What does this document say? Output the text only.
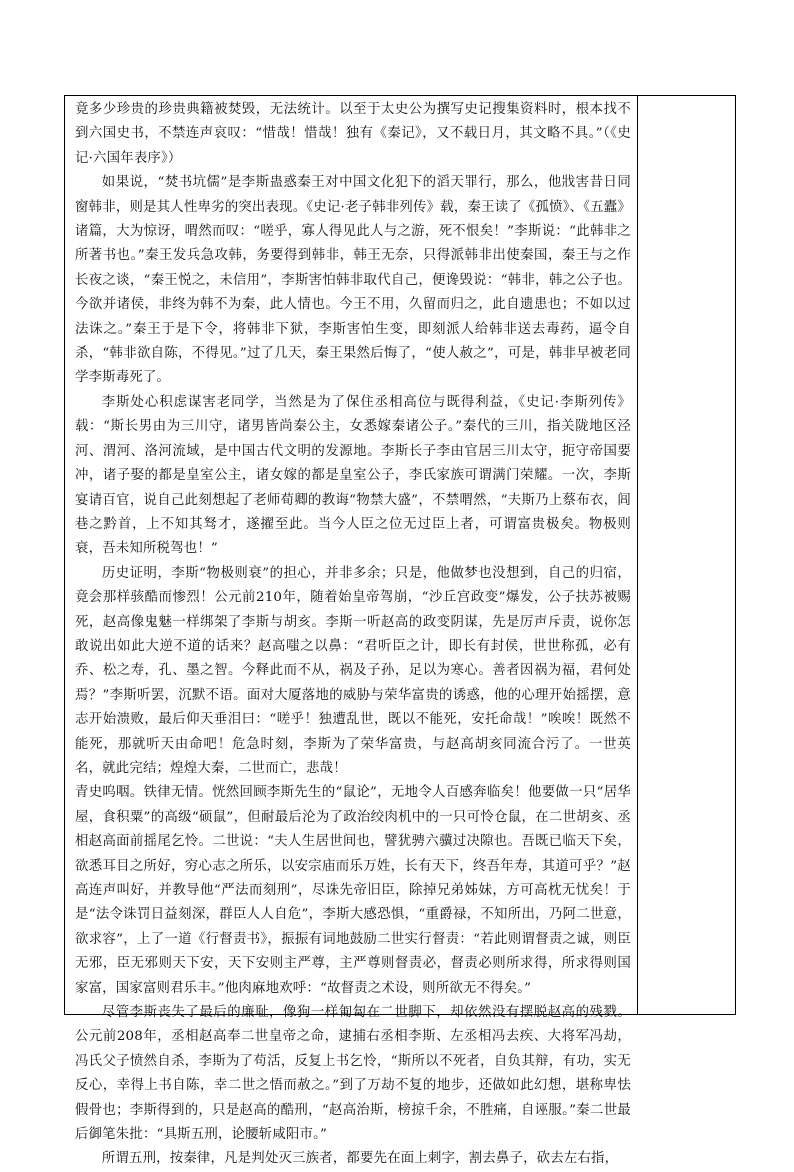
竟多少珍贵的珍贵典籍被焚毁，无法统计。以至于太史公为撰写史记搜集资料时，根本找不到六国史书，不禁连声哀叹：“惜哉！惜哉！独有《秦记》，又不载日月，其文略不具。”（《史记·六国年表序》）

如果说，“焚书坑儒”是李斯蛊惑秦王对中国文化犯下的滔天罪行，那么，他戕害昔日同窗韩非，则是其人性卑劣的突出表现。《史记·老子韩非列传》载，秦王读了《孤愤》、《五蠹》诸篇，大为惊讶，喟然而叹：“嗟乎，寡人得见此人与之游，死不恨矣！”李斯说：“此韩非之所著书也。”秦王发兵急攻韩，务要得到韩非，韩王无奈，只得派韩非出使秦国，秦王与之作长夜之谈，“秦王悦之，未信用”，李斯害怕韩非取代自己，便谗毁说：“韩非，韩之公子也。今欲并诸侯，非终为韩不为秦，此人情也。今王不用，久留而归之，此自遗患也；不如以过法诛之。”秦王于是下令，将韩非下狱，李斯害怕生变，即刻派人给韩非送去毒药，逼令自杀，“韩非欲自陈，不得见。”过了几天，秦王果然后悔了，“使人赦之”，可是，韩非早被老同学李斯毒死了。

李斯处心积虑谋害老同学，当然是为了保住丞相高位与既得利益，《史记·李斯列传》载：“斯长男由为三川守，诸男皆尚秦公主，女悉嫁秦诸公子。”秦代的三川，指关陇地区泾河、渭河、洛河流域，是中国古代文明的发源地。李斯长子李由官居三川太守，扼守帝国要冲，诸子娶的都是皇室公主，诸女嫁的都是皇室公子，李氏家族可谓满门荣耀。一次，李斯宴请百官，说自己此刻想起了老师荀卿的教诲“物禁大盛”，不禁喟然，“夫斯乃上蔡布衣，闾巷之黔首，上不知其驽才，遂擢至此。当今人臣之位无过臣上者，可谓富贵极矣。物极则衰，吾未知所税驾也！”

历史证明，李斯“物极则衰”的担心，并非多余；只是，他做梦也没想到，自己的归宿，竟会那样骇酷而惨烈！公元前210年，随着始皇帝驾崩，“沙丘宫政变”爆发，公子扶苏被赐死，赵高像鬼魅一样绑架了李斯与胡亥。李斯一听赵高的政变阴谋，先是厉声斥责，说你怎敢说出如此大逆不道的话来？赵高嗤之以鼻：“君听臣之计，即长有封侯，世世称孤，必有乔、松之寿，孔、墨之智。今释此而不从，祸及子孙，足以为寒心。善者因祸为福，君何处焉？”李斯听罢，沉默不语。面对大厦落地的威胁与荣华富贵的诱惑，他的心理开始摇摆，意志开始溃败，最后仰天垂泪曰：“嗟乎！独遭乱世，既以不能死，安托命哉！”唉唉！既然不能死，那就听天由命吧！危急时刻，李斯为了荣华富贵，与赵高胡亥同流合污了。一世英名，就此完结；煌煌大秦，二世而亡，悲哉！

青史呜咽。铁律无情。恍然回顾李斯先生的“鼠论”，无地令人百感奔临矣！他要做一只“居华屋，食积粟”的高级“硕鼠”，但耐最后沦为了政治绞肉机中的一只可怜仓鼠，在二世胡亥、丞相赵高面前摇尾乞怜。二世说：“夫人生居世间也，譬犹骋六骥过决隙也。吾既已临天下矣，欲悉耳目之所好，穷心志之所乐，以安宗庙而乐万姓，长有天下，终吾年寿，其道可乎？”赵高连声叫好，并教导他“严法而刻刑”，尽诛先帝旧臣，除掉兄弟姊妹，方可高枕无忧矣！于是“法令诛罚日益刻深，群臣人人自危”，李斯大感恐惧，“重爵禄，不知所出，乃阿二世意，欲求容”，上了一道《行督责书》，振振有词地鼓励二世实行督责：“若此则谓督责之诚，则臣无邪，臣无邪则天下安，天下安则主严尊，主严尊则督责必，督责必则所求得，所求得则国家富，国家富则君乐丰。”他肉麻地欢呼：“故督责之术设，则所欲无不得矣。”

尽管李斯丧失了最后的廉耻，像狗一样匍匐在二世脚下，却依然没有摆脱赵高的残戮。公元前208年，丞相赵高奉二世皇帝之命，逮捕右丞相李斯、左丞相冯去疾、大将军冯劫，冯氏父子愤然自杀，李斯为了苟活，反复上书乞怜，“斯所以不死者，自负其辩，有功，实无反心，幸得上书自陈，幸二世之悟而赦之。”到了万劫不复的地步，还做如此幻想，堪称卑怯假骨也；李斯得到的，只是赵高的酷刑，“赵高治斯，榜掠千余，不胜痛，自诬服。”秦二世最后御笔朱批：“具斯五刑，论腰斩咸阳市。”

所谓五刑，按秦律，凡是判处灭三族者，都要先在面上刺字，割去鼻子，砍去左右指，
